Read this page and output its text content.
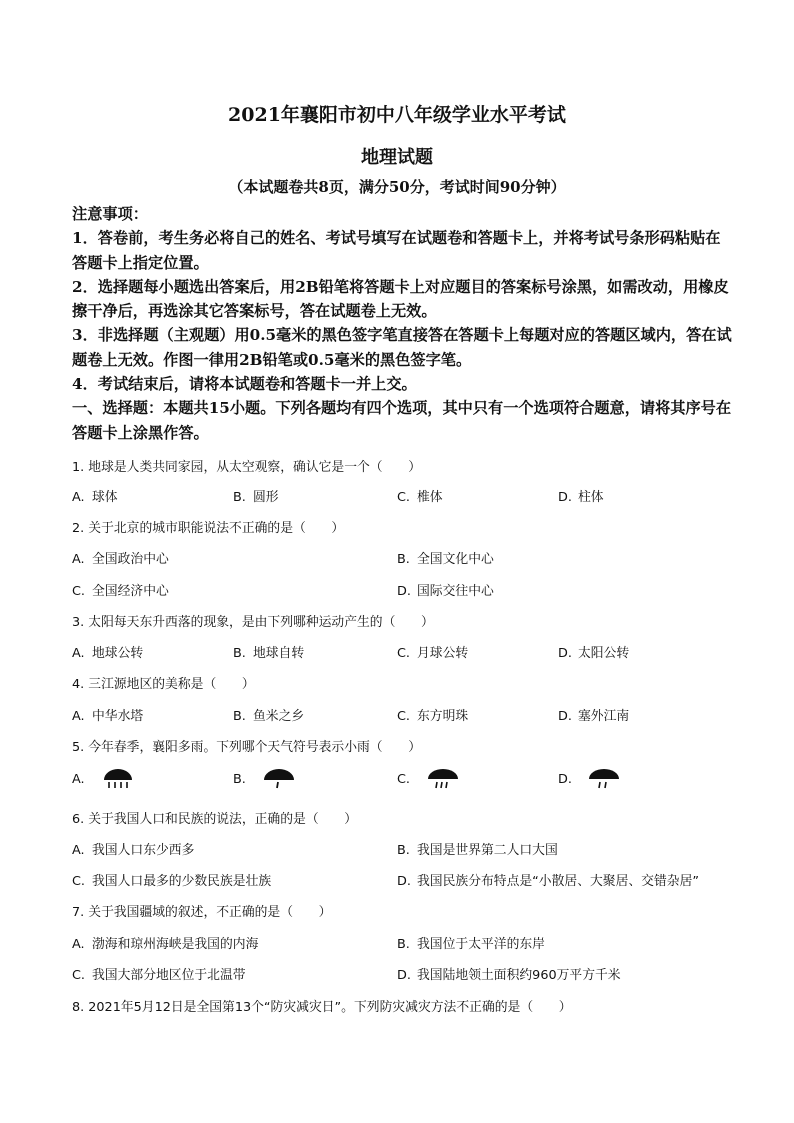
2021年襄阳市初中八年级学业水平考试
地理试题
（本试题卷共8页，满分50分，考试时间90分钟）

注意事项：

1．答卷前，考生务必将自己的姓名、考试号填写在试题卷和答题卡上，并将考试号条形码粘贴在答题卡上指定位置。

2．选择题每小题选出答案后，用2B铅笔将答题卡上对应题目的答案标号涂黑，如需改动，用橡皮擦干净后，再选涂其它答案标号，答在试题卷上无效。

3．非选择题（主观题）用0.5毫米的黑色签字笔直接答在答题卡上每题对应的答题区域内，答在试题卷上无效。作图一律用2B铅笔或0.5毫米的黑色签字笔。

4．考试结束后，请将本试题卷和答题卡一并上交。

一、选择题：本题共15小题。下列各题均有四个选项，其中只有一个选项符合题意，请将其序号在答题卡上涂黑作答。

1. 地球是人类共同家园，从太空观察，确认它是一个（　　）
A. 球体	B. 圆形	C. 椎体	D. 柱体
2. 关于北京的城市职能说法不正确的是（　　）
A. 全国政治中心	B. 全国文化中心
C. 全国经济中心	D. 国际交往中心
3. 太阳每天东升西落的现象，是由下列哪种运动产生的（　　）
A. 地球公转	B. 地球自转	C. 月球公转	D. 太阳公转
4. 三江源地区的美称是（　　）
A. 中华水塔	B. 鱼米之乡	C. 东方明珠	D. 塞外江南
5. 今年春季，襄阳多雨。下列哪个天气符号表示小雨（　　）
A.	B.	C.	D.
6. 关于我国人口和民族的说法，正确的是（　　）
A. 我国人口东少西多	B. 我国是世界第二人口大国
C. 我国人口最多的少数民族是壮族	D. 我国民族分布特点是“小散居、大聚居、交错杂居”
7. 关于我国疆域的叙述，不正确的是（　　）
A. 渤海和琼州海峡是我国的内海	B. 我国位于太平洋的东岸
C. 我国大部分地区位于北温带	D. 我国陆地领土面积约960万平方千米
8. 2021年5月12日是全国第13个“防灾减灾日”。下列防灾减灾方法不正确的是（　　）
